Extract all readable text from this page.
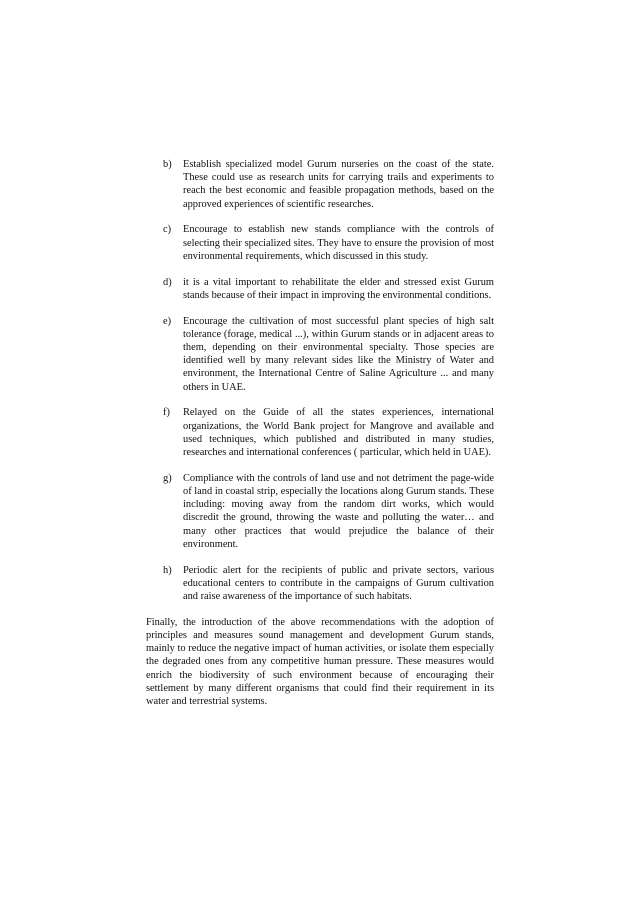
b)	Establish specialized model Gurum nurseries on the coast of the state. These could use as research units for carrying trails and experiments to reach the best economic and feasible propagation methods, based on the approved experiences of scientific researches.
c)	Encourage to establish new stands compliance with the controls of selecting their specialized sites. They have to ensure the provision of most environmental requirements, which discussed in this study.
d)	it is a vital important to rehabilitate the elder and stressed exist Gurum stands because of their impact in improving the environmental conditions.
e)	Encourage the cultivation of most successful plant species of high salt tolerance (forage, medical ...), within Gurum stands or in adjacent areas to them, depending on their environmental specialty. Those species are identified well by many relevant sides like the Ministry of Water and environment, the International Centre of Saline Agriculture ... and many others in UAE.
f)	Relayed on the Guide of all the states experiences, international organizations, the World Bank project for Mangrove and available and used techniques, which published and distributed in many studies, researches and international conferences ( particular, which held in UAE).
g)	Compliance with the controls of land use and not detriment the page-wide of land in coastal strip, especially the locations along Gurum stands. These including: moving away from the random dirt works, which would discredit the ground, throwing the waste and polluting the water… and many other practices that would prejudice the balance of their environment.
h)	Periodic alert for the recipients of public and private sectors, various educational centers to contribute in the campaigns of Gurum cultivation and raise awareness of the importance of such habitats.

Finally, the introduction of the above recommendations with the adoption of principles and measures sound management and development Gurum stands, mainly to reduce the negative impact of human activities, or isolate them especially the degraded ones from any competitive human pressure. These measures would enrich the biodiversity of such environment because of encouraging their settlement by many different organisms that could find their requirement in its water and terrestrial systems.
